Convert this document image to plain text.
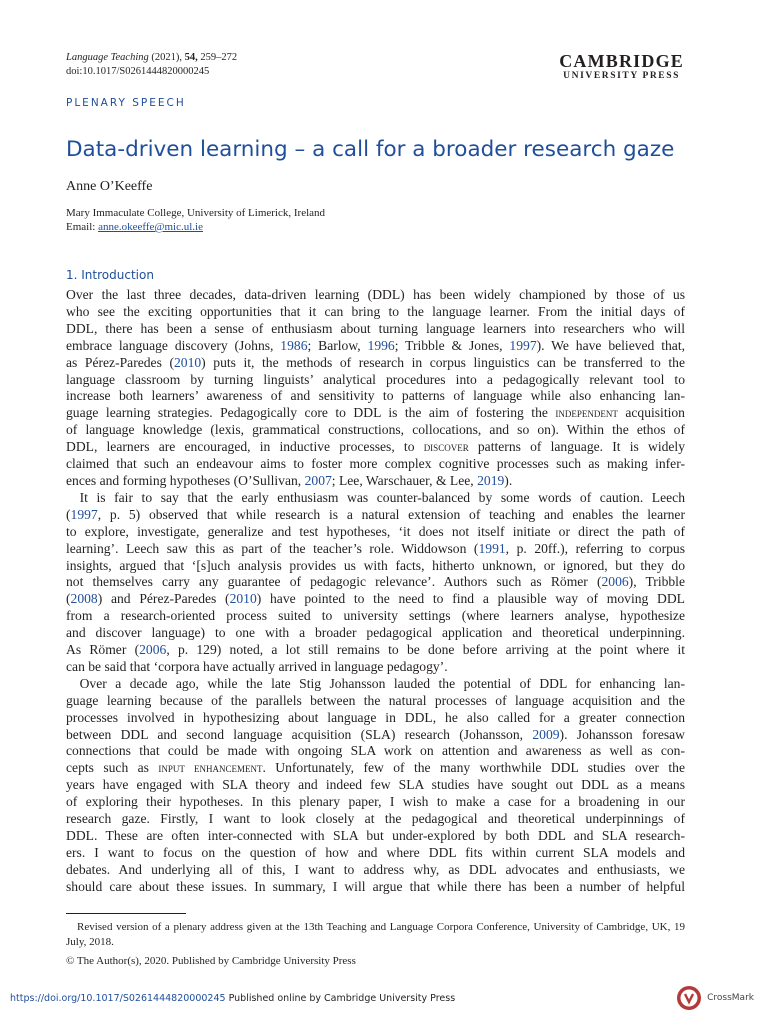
Language Teaching (2021), 54, 259–272
doi:10.1017/S0261444820000245
CAMBRIDGE
UNIVERSITY PRESS
PLENARY SPEECH
Data-driven learning – a call for a broader research gaze
Anne O’Keeffe
Mary Immaculate College, University of Limerick, Ireland
Email: anne.okeeffe@mic.ul.ie
1. Introduction

Over the last three decades, data-driven learning (DDL) has been widely championed by those of us
who see the exciting opportunities that it can bring to the language learner. From the initial days of
DDL, there has been a sense of enthusiasm about turning language learners into researchers who will
embrace language discovery (Johns, 1986; Barlow, 1996; Tribble & Jones, 1997). We have believed that,
as Pérez-Paredes (2010) puts it, the methods of research in corpus linguistics can be transferred to the
language classroom by turning linguists’ analytical procedures into a pedagogically relevant tool to
increase both learners’ awareness of and sensitivity to patterns of language while also enhancing lan-
guage learning strategies. Pedagogically core to DDL is the aim of fostering the independent acquisition
of language knowledge (lexis, grammatical constructions, collocations, and so on). Within the ethos of
DDL, learners are encouraged, in inductive processes, to discover patterns of language. It is widely
claimed that such an endeavour aims to foster more complex cognitive processes such as making infer-
ences and forming hypotheses (O’Sullivan, 2007; Lee, Warschauer, & Lee, 2019).

 It is fair to say that the early enthusiasm was counter-balanced by some words of caution. Leech
(1997, p. 5) observed that while research is a natural extension of teaching and enables the learner
to explore, investigate, generalize and test hypotheses, ‘it does not itself initiate or direct the path of
learning’. Leech saw this as part of the teacher’s role. Widdowson (1991, p. 20ff.), referring to corpus
insights, argued that ‘[s]uch analysis provides us with facts, hitherto unknown, or ignored, but they do
not themselves carry any guarantee of pedagogic relevance’. Authors such as Römer (2006), Tribble
(2008) and Pérez-Paredes (2010) have pointed to the need to find a plausible way of moving DDL
from a research-oriented process suited to university settings (where learners analyse, hypothesize
and discover language) to one with a broader pedagogical application and theoretical underpinning.
As Römer (2006, p. 129) noted, a lot still remains to be done before arriving at the point where it
can be said that ‘corpora have actually arrived in language pedagogy’.

 Over a decade ago, while the late Stig Johansson lauded the potential of DDL for enhancing lan-
guage learning because of the parallels between the natural processes of language acquisition and the
processes involved in hypothesizing about language in DDL, he also called for a greater connection
between DDL and second language acquisition (SLA) research (Johansson, 2009). Johansson foresaw
connections that could be made with ongoing SLA work on attention and awareness as well as con-
cepts such as input enhancement. Unfortunately, few of the many worthwhile DDL studies over the
years have engaged with SLA theory and indeed few SLA studies have sought out DDL as a means
of exploring their hypotheses. In this plenary paper, I wish to make a case for a broadening in our
research gaze. Firstly, I want to look closely at the pedagogical and theoretical underpinnings of
DDL. These are often inter-connected with SLA but under-explored by both DDL and SLA research-
ers. I want to focus on the question of how and where DDL fits within current SLA models and
debates. And underlying all of this, I want to address why, as DDL advocates and enthusiasts, we
should care about these issues. In summary, I will argue that while there has been a number of helpful

 Revised version of a plenary address given at the 13th Teaching and Language Corpora Conference, University of Cambridge, UK, 19 July, 2018.
© The Author(s), 2020. Published by Cambridge University Press
https://doi.org/10.1017/S0261444820000245 Published online by Cambridge University Press	CrossMark
